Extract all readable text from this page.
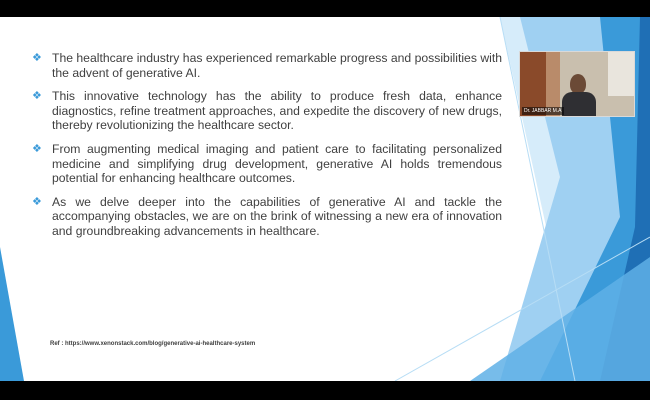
❖ The healthcare industry has experienced remarkable progress and possibilities with the advent of generative AI.
❖ This innovative technology has the ability to produce fresh data, enhance diagnostics, refine treatment approaches, and expedite the discovery of new drugs, thereby revolutionizing the healthcare sector.
❖ From augmenting medical imaging and patient care to facilitating personalized medicine and simplifying drug development, generative AI holds tremendous potential for enhancing healthcare outcomes.
❖ As we delve deeper into the capabilities of generative AI and tackle the accompanying obstacles, we are on the brink of witnessing a new era of innovation and groundbreaking advancements in healthcare.
Ref : https://www.xenonstack.com/blog/generative-ai-healthcare-system
Dr. JABBAR M.A
